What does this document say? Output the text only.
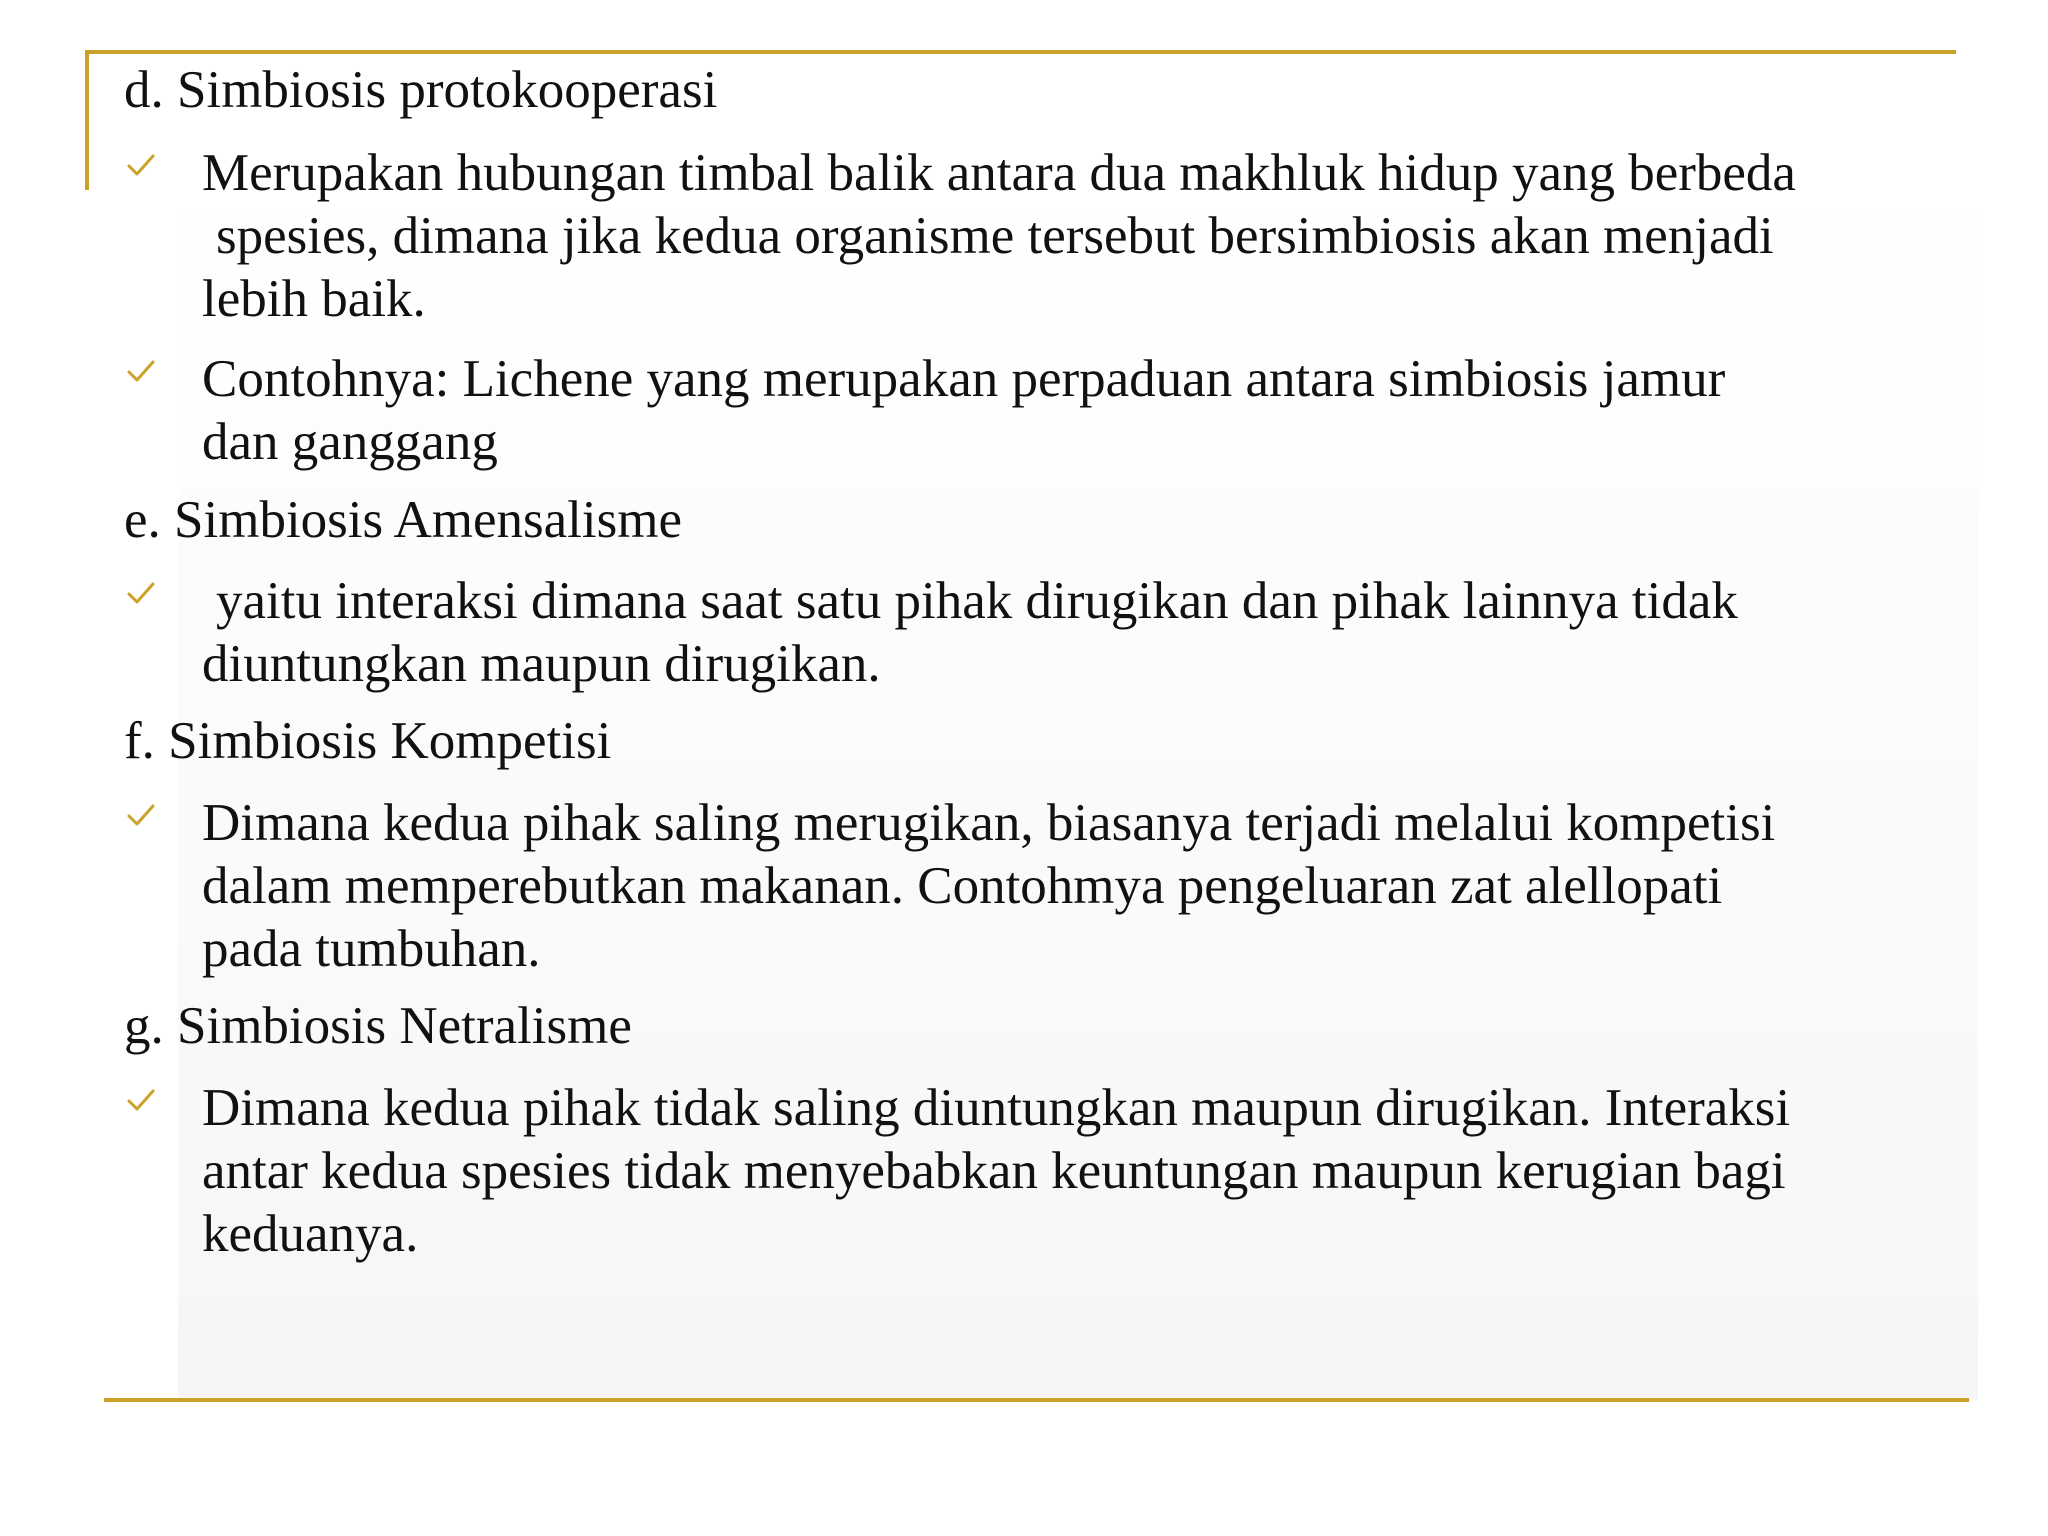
d. Simbiosis protokooperasi

Merupakan hubungan timbal balik antara dua makhluk hidup yang berbeda
spesies, dimana jika kedua organisme tersebut bersimbiosis akan menjadi
lebih baik.

Contohnya: Lichene yang merupakan perpaduan antara simbiosis jamur
dan ganggang

e. Simbiosis Amensalisme

yaitu interaksi dimana saat satu pihak dirugikan dan pihak lainnya tidak
diuntungkan maupun dirugikan.

f. Simbiosis Kompetisi

Dimana kedua pihak saling merugikan, biasanya terjadi melalui kompetisi
dalam memperebutkan makanan. Contohmya pengeluaran zat alellopati
pada tumbuhan.

g. Simbiosis Netralisme

Dimana kedua pihak tidak saling diuntungkan maupun dirugikan. Interaksi
antar kedua spesies tidak menyebabkan keuntungan maupun kerugian bagi
keduanya.
